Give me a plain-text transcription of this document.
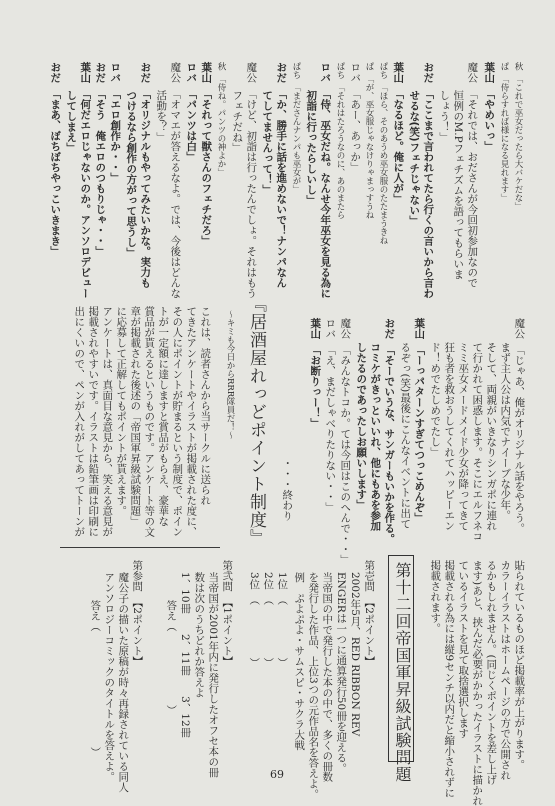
秋　「これで巫女だったら大バケだな」
ぱ　「侍らすれば様になる見れます」
葉山　「やめいっ」
魔公　「それでは、おださんが今回初参加なので
恒例のM.Pフェチズムを語ってもらいま
しょう！」
おだ　「ここまで言われてたら行くの言いから言わ
せるな(笑)フェチじゃない」
葉山　「なるほど。俺に人が」
ぱち　「ほら、そのあうめ巫女服のたたまうきね
ぱ　「が、巫女服じゃなけりゃまっすうね
ロバ　「あー、あっか」
ぱち　「それはたろうなのに、あのまたら
ロバ　「侍、巫女だね。なんせ今年巫女を見る為に
初詣に行ったらしいし」
ぱち　「まださんナンパも巫女が」
おだ　「か、勝手に話を進めないで！ナンパなん
てしてませんって！」
魔公　「けど、初詣は行ったんでしょ。それはもう
フェチだね」
秋　「侍ね。パンツの神よか」
葉山　「それって獣さんのフェチだろ」
ロバ　「パンツは白」
魔公　「オマエが答えるなよ。では、今後はどんな
活動を？」
おだ　「オリジナルもやってみたいかな。実力も
つけるなら創作の方がって思うし」
ロバ　「エロ創作か・・」
おだ　「そう　俺エロのつもりじゃ・・」
葉山　「何だエロじゃないのか。アンソロデビュー
してしまえ」
おだ　「まあ、ぼちぼちやっこいきまき」
魔公　「じゃあ、俺がオリジナル話をやろう。
まず主人公は内気でナイーブな少年。
そして、両親がいきなりシンガポに連れ
て行かれて困惑します。そこにエルフネコ
ミミ巫女メードメイド少女が降ってきて
狂も者を救おうしてくれてハッピーエン
ド！めでたしめでたし」
葉山　「ーっパターンすぎてつっこめんぞ」
るぞっ(笑)最後にこんなイベントに出て
おだ　「そーでいうな、サンガーもいかを作る。
コミケがきっといいれ、他にもあを参加
したるのであったしお願いします」
魔公　「みんなトコか。ては今回はこのへんで・・」
ロバ　「え、まだしゃべりたりない・・」
葉山　「お断りっー！」
・・・終わり
『居酒屋れっどポイント制度』
〜キミも今日からRRR隊員だ！〜
これは、読者さんから当サークルに送られ
てきたアンケートやイラストが掲載された度に、
その人にポイントが貯まるという制度で、ポイン
トが一定額に達しますと賞品がもらえ、豪華な
賞品が貰えるというものです。アンケート等の文
章が掲載された後述の「帝国軍昇級試験問題」
に応募して正解してもポイントが貰えます。
アンケートは、真面目な意見から、笑える意見が
掲載されやすいです。イラストは鉛筆画は印刷に
出にくいので、ペンが入れがしてあってトーンが
貼られているものほど掲載率が上がります。
カラーイラストはホームページの方で公開され
るかもしれません。(同じくポイントを差し上げ
ます)あと、挟んだ必要がかかったイラストに描かれ
ているイラストを見て取捨選択します
掲載される為には縦9センチ以内だと縮小されずに
掲載されます。
第十二回帝国軍昇級試験問題
第壱問　【2ポイント】
2002年5月、RED RIBBON REV
ENGERは一つに通算発行50冊を迎える。
当帝国の中で発行した本の中で、多くの冊数
を発行した作品、上位3つの元作品名を答えよ。
例　ぷよぷよ・サムスピ・サクラ大戦
1位　（　　　　　）
2位　（　　　　　）
3位　（　　　　　）
第弐問　【1ポイント】
当帝国が2001年内に発行したオフセ本の冊
数は次のうちどれか答えよ
1、10冊　　2、11冊　　3、12冊
答え（　　　　　　　）
第参問　【2ポイント】
魔公子の描いた原稿が時々再録されている同人
アンソロジーコミックのタイトルを答えよ。
答え（　　　　　　　　　　　）
69
